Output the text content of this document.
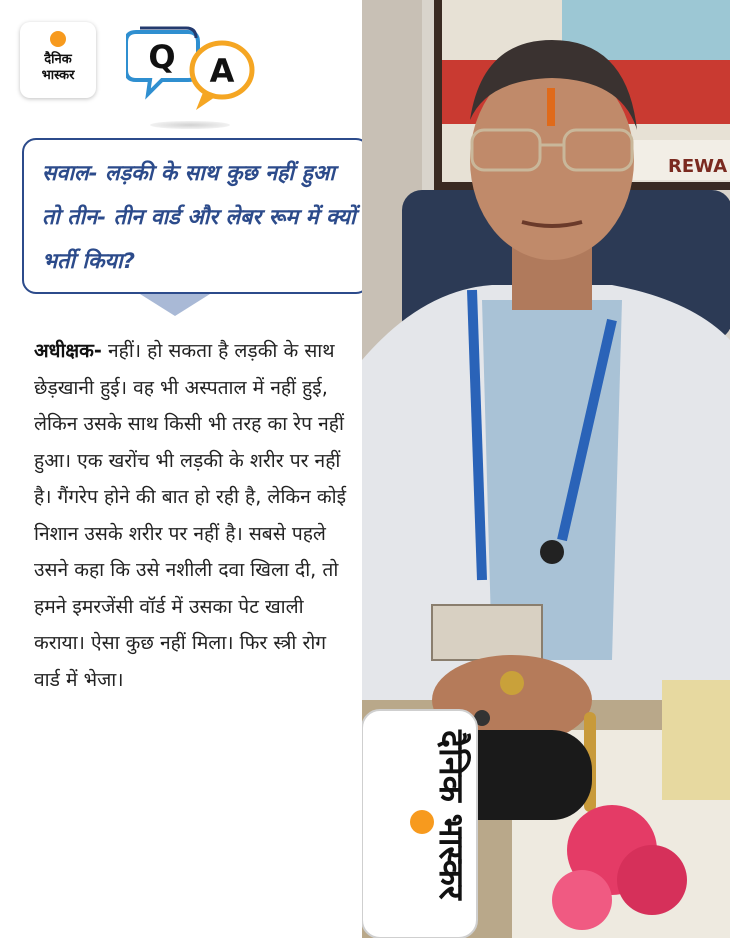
दैनिक
भास्कर	Q A

सवाल- लड़की के साथ कुछ नहीं हुआ तो तीन- तीन वार्ड और लेबर रूम में क्यों भर्ती किया?

अधीक्षक- नहीं। हो सकता है लड़की के साथ छेड़खानी हुई। वह भी अस्पताल में नहीं हुई, लेकिन उसके साथ किसी भी तरह का रेप नहीं हुआ। एक खरोंच भी लड़की के शरीर पर नहीं है। गैंगरेप होने की बात हो रही है, लेकिन कोई निशान उसके शरीर पर नहीं है। सबसे पहले उसने कहा कि उसे नशीली दवा खिला दी, तो हमने इमरजेंसी वॉर्ड में उसका पेट खाली कराया। ऐसा कुछ नहीं मिला। फिर स्त्री रोग वार्ड में भेजा।

REWA
दैनिक भास्कर
